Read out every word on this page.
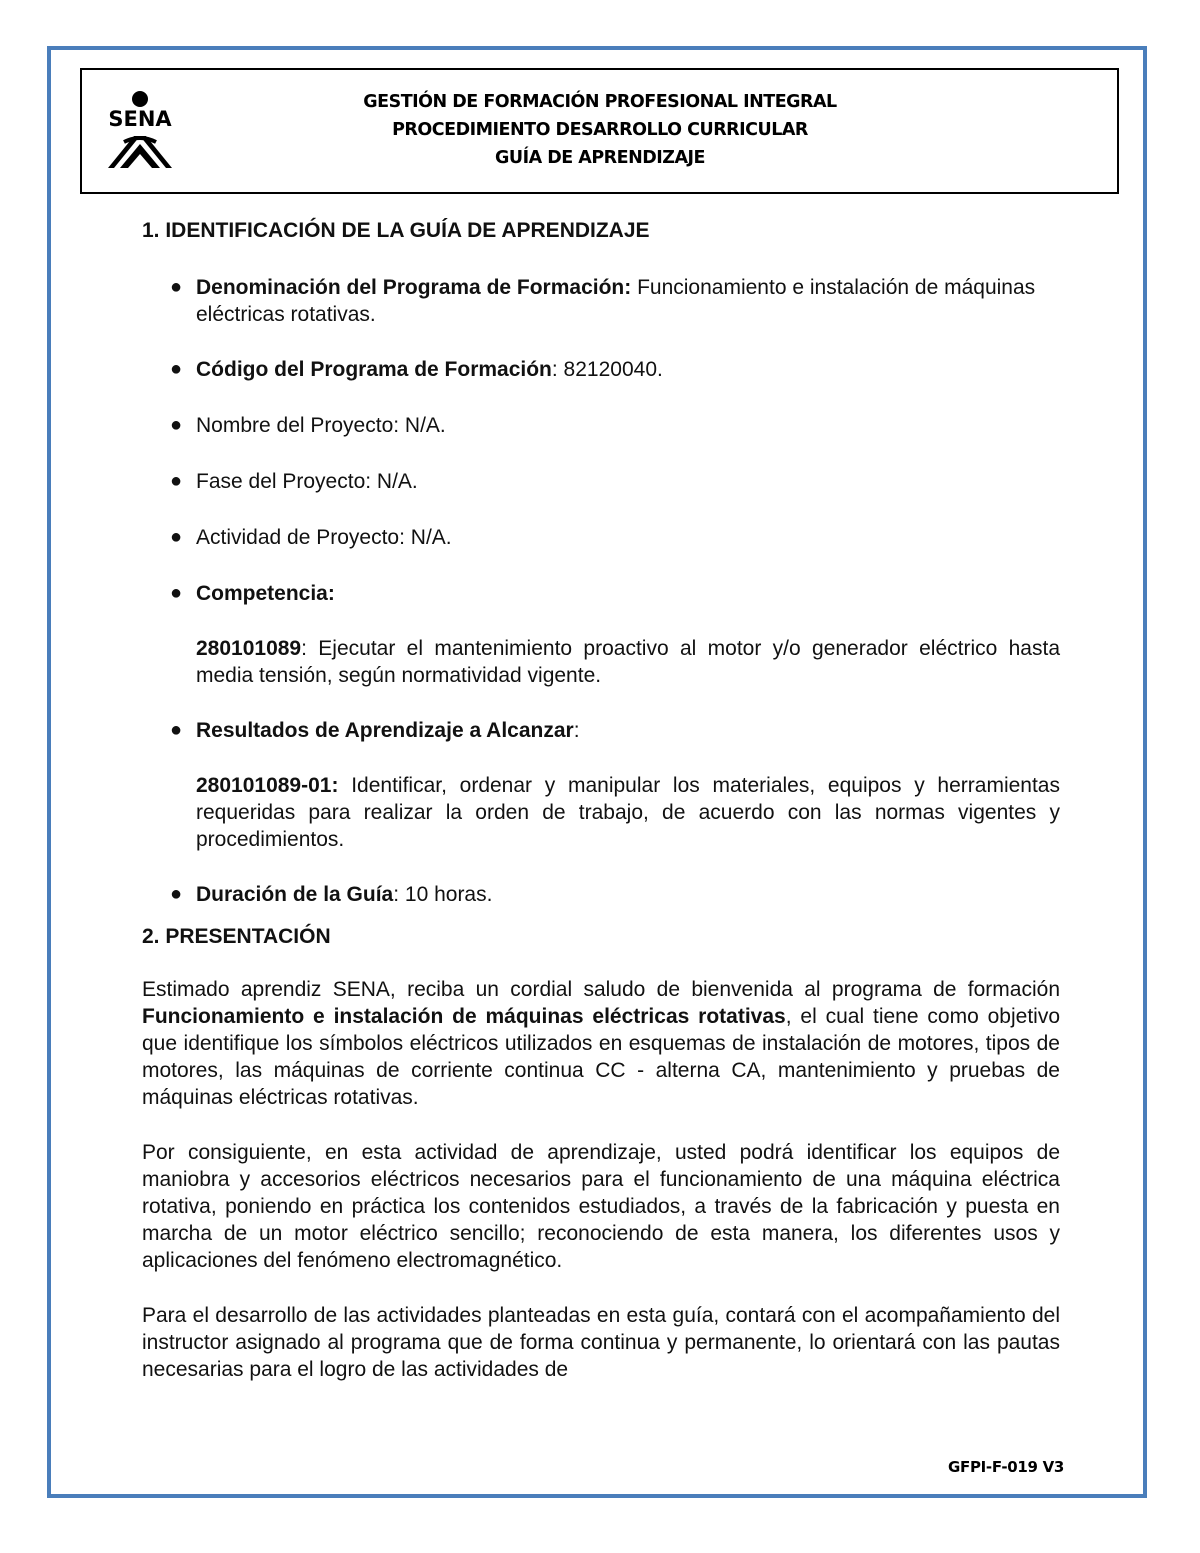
SENA
GESTIÓN DE FORMACIÓN PROFESIONAL INTEGRAL
PROCEDIMIENTO DESARROLLO CURRICULAR
GUÍA DE APRENDIZAJE
1. IDENTIFICACIÓN DE LA GUÍA DE APRENDIZAJE
● Denominación del Programa de Formación: Funcionamiento e instalación de máquinas eléctricas rotativas.
● Código del Programa de Formación: 82120040.
● Nombre del Proyecto: N/A.
● Fase del Proyecto: N/A.
● Actividad de Proyecto: N/A.
● Competencia:

280101089: Ejecutar el mantenimiento proactivo al motor y/o generador eléctrico hasta media tensión, según normatividad vigente.

● Resultados de Aprendizaje a Alcanzar:

280101089-01: Identificar, ordenar y manipular los materiales, equipos y herramientas requeridas para realizar la orden de trabajo, de acuerdo con las normas vigentes y procedimientos.

● Duración de la Guía: 10 horas.
2. PRESENTACIÓN

Estimado aprendiz SENA, reciba un cordial saludo de bienvenida al programa de formación Funcionamiento e instalación de máquinas eléctricas rotativas, el cual tiene como objetivo que identifique los símbolos eléctricos utilizados en esquemas de instalación de motores, tipos de motores, las máquinas de corriente continua CC - alterna CA, mantenimiento y pruebas de máquinas eléctricas rotativas.

Por consiguiente, en esta actividad de aprendizaje, usted podrá identificar los equipos de maniobra y accesorios eléctricos necesarios para el funcionamiento de una máquina eléctrica rotativa, poniendo en práctica los contenidos estudiados, a través de la fabricación y puesta en marcha de un motor eléctrico sencillo; reconociendo de esta manera, los diferentes usos y aplicaciones del fenómeno electromagnético.

Para el desarrollo de las actividades planteadas en esta guía, contará con el acompañamiento del instructor asignado al programa que de forma continua y permanente, lo orientará con las pautas necesarias para el logro de las actividades de

GFPI-F-019 V3
